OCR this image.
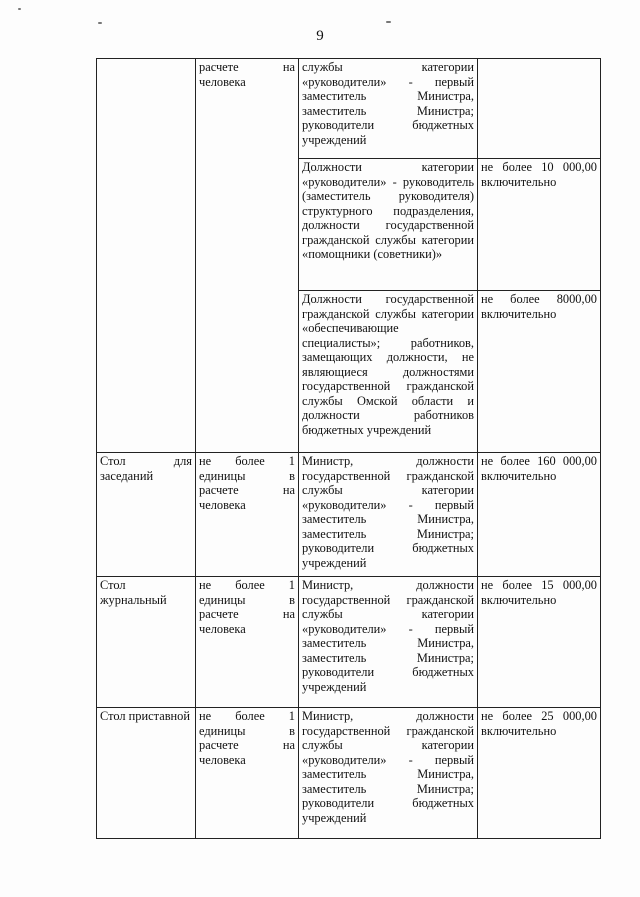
9
	расчете на человека	службы категории «руководители» - первый заместитель Министра, заместитель Министра; руководители бюджетных учреждений	
		Должности категории «руководители» - руководитель (заместитель руководителя) структурного подразделения, должности государственной гражданской службы категории «помощники (советники)»	не более 10 000,00 включительно
		Должности государственной гражданской службы категории «обеспечивающие специалисты»; работников, замещающих должности, не являющиеся должностями государственной гражданской службы Омской области и должности работников бюджетных учреждений	не более 8000,00 включительно
Стол для заседаний	не более 1 единицы в расчете на человека	Министр, должности государственной гражданской службы категории «руководители» - первый заместитель Министра, заместитель Министра; руководители бюджетных учреждений	не более 160 000,00 включительно
Стол журнальный	не более 1 единицы в расчете на человека	Министр, должности государственной гражданской службы категории «руководители» - первый заместитель Министра, заместитель Министра; руководители бюджетных учреждений	не более 15 000,00 включительно
Стол приставной	не более 1 единицы в расчете на человека	Министр, должности государственной гражданской службы категории «руководители» - первый заместитель Министра, заместитель Министра; руководители бюджетных учреждений	не более 25 000,00 включительно
